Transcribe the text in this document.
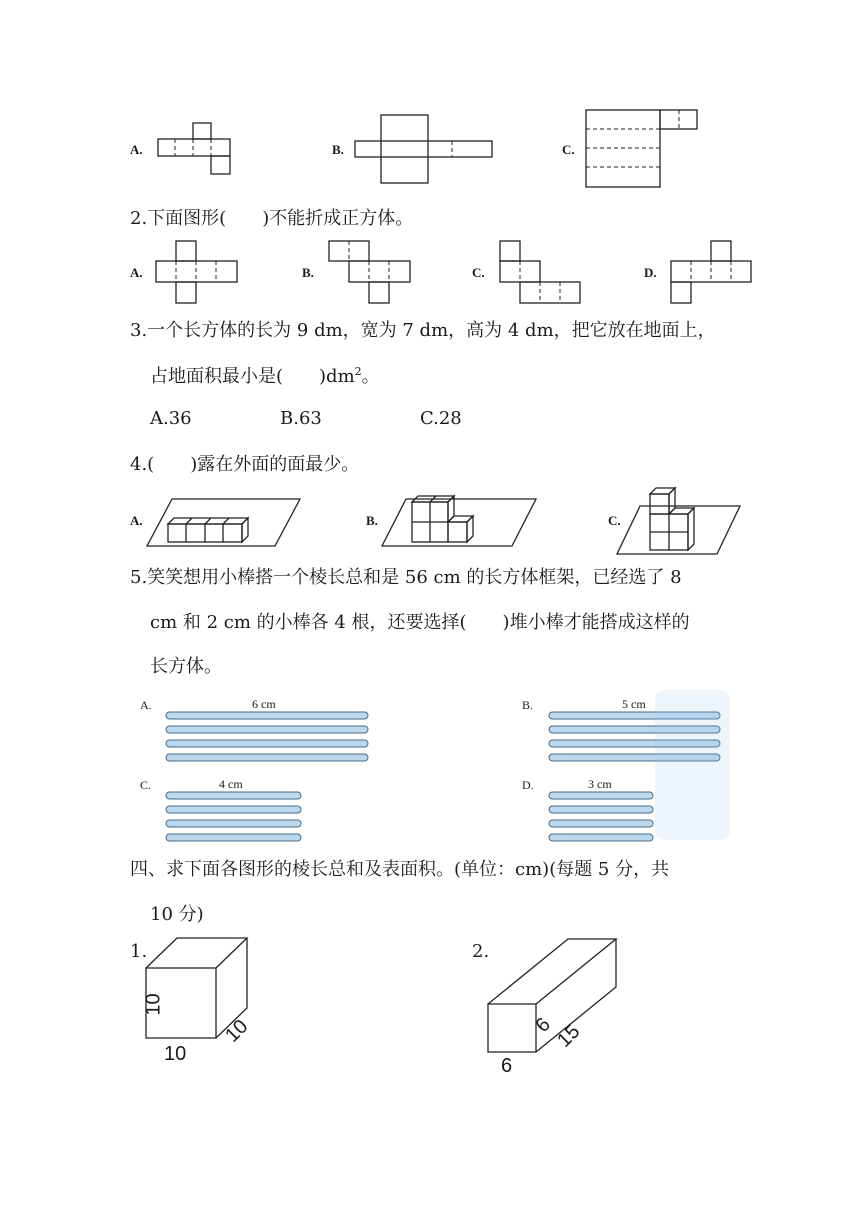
A.	B.	C.
2.下面图形(　　)不能折成正方体。
A.	B.	C.	D.
3.一个长方体的长为 9 dm，宽为 7 dm，高为 4 dm，把它放在地面上，
占地面积最小是(　　)$dm^2$。
A.36	B.63	C.28
4.(　　)露在外面的面最少。
A.	B.	C.
5.笑笑想用小棒搭一个棱长总和是 56 cm 的长方体框架，已经选了 8
cm 和 2 cm 的小棒各 4 根，还要选择(　　)堆小棒才能搭成这样的
长方体。
A.	6 cm	B.	5 cm
C.	4 cm	D.	3 cm
四、求下面各图形的棱长总和及表面积。(单位：cm)(每题 5 分，共
10 分)
1.
10
10
10
2.
6
6
15
